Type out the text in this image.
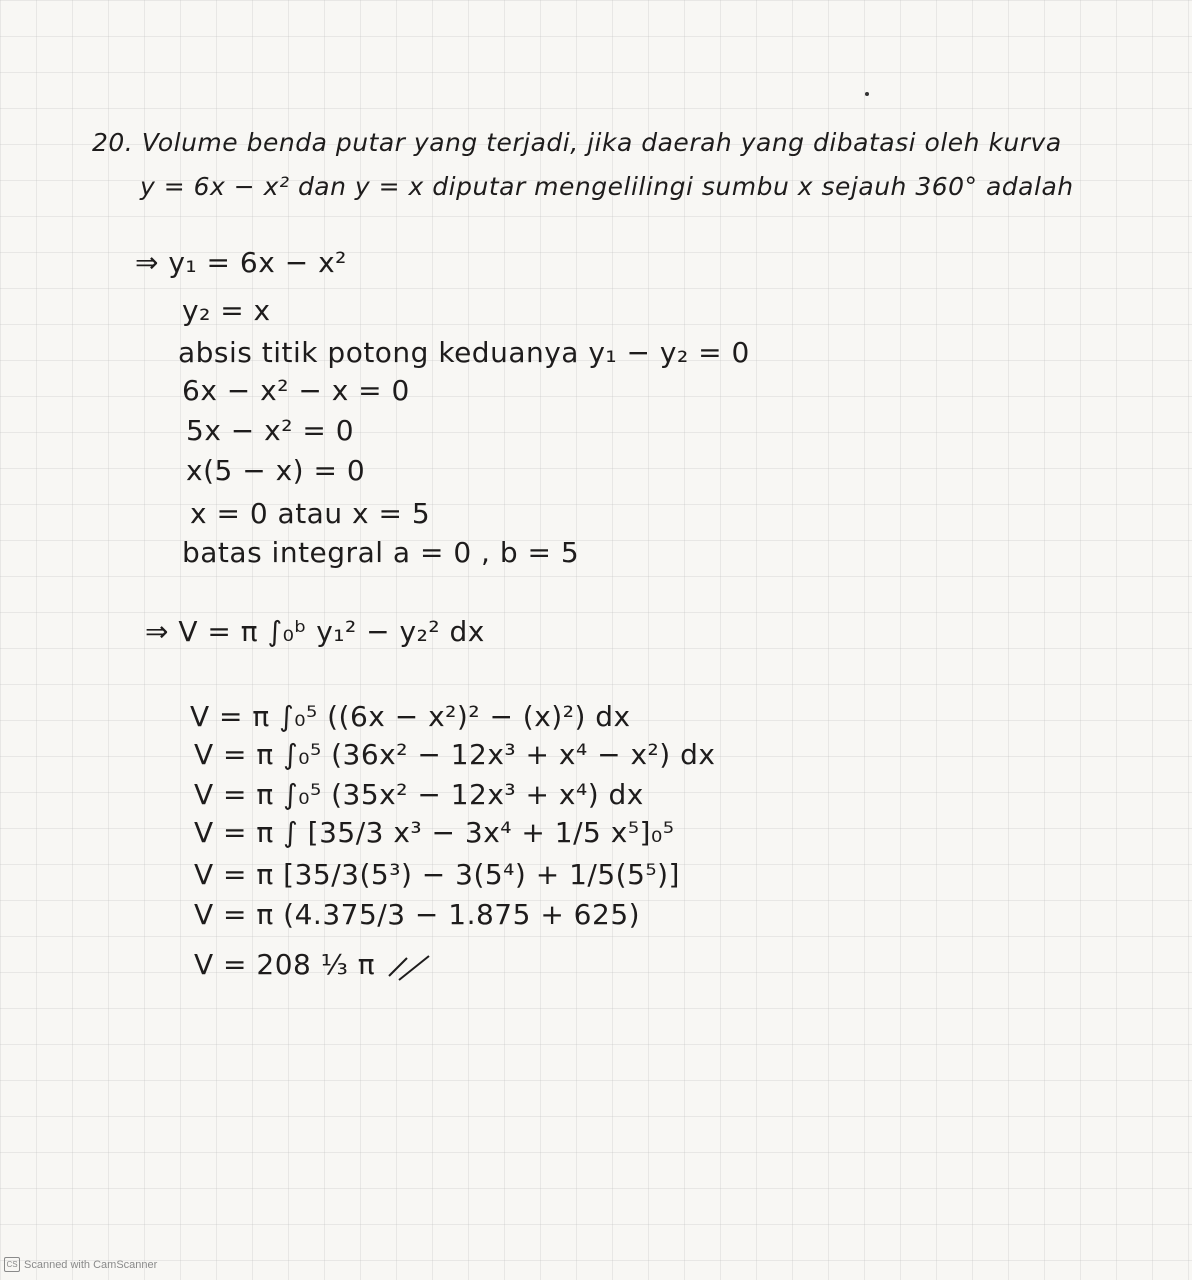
20. Volume benda putar yang terjadi, jika daerah yang dibatasi oleh kurva
y = 6x − x² dan y = x diputar mengelilingi sumbu x sejauh 360° adalah
⇒ y₁ = 6x − x²
y₂ = x
absis titik potong keduanya y₁ − y₂ = 0
6x − x² − x = 0
5x − x² = 0
x(5 − x) = 0
x = 0 atau x = 5
batas integral a = 0 , b = 5
⇒ V = π ∫₀ᵇ y₁² − y₂² dx
V = π ∫₀⁵ ((6x − x²)² − (x)²) dx
V = π ∫₀⁵ (36x² − 12x³ + x⁴ − x²) dx
V = π ∫₀⁵ (35x² − 12x³ + x⁴) dx
V = π ∫ [35/3 x³ − 3x⁴ + 1/5 x⁵]₀⁵
V = π [35/3(5³) − 3(5⁴) + 1/5(5⁵)]
V = π (4.375/3 − 1.875 + 625)
V = 208 ⅓ π
CS Scanned with CamScanner
